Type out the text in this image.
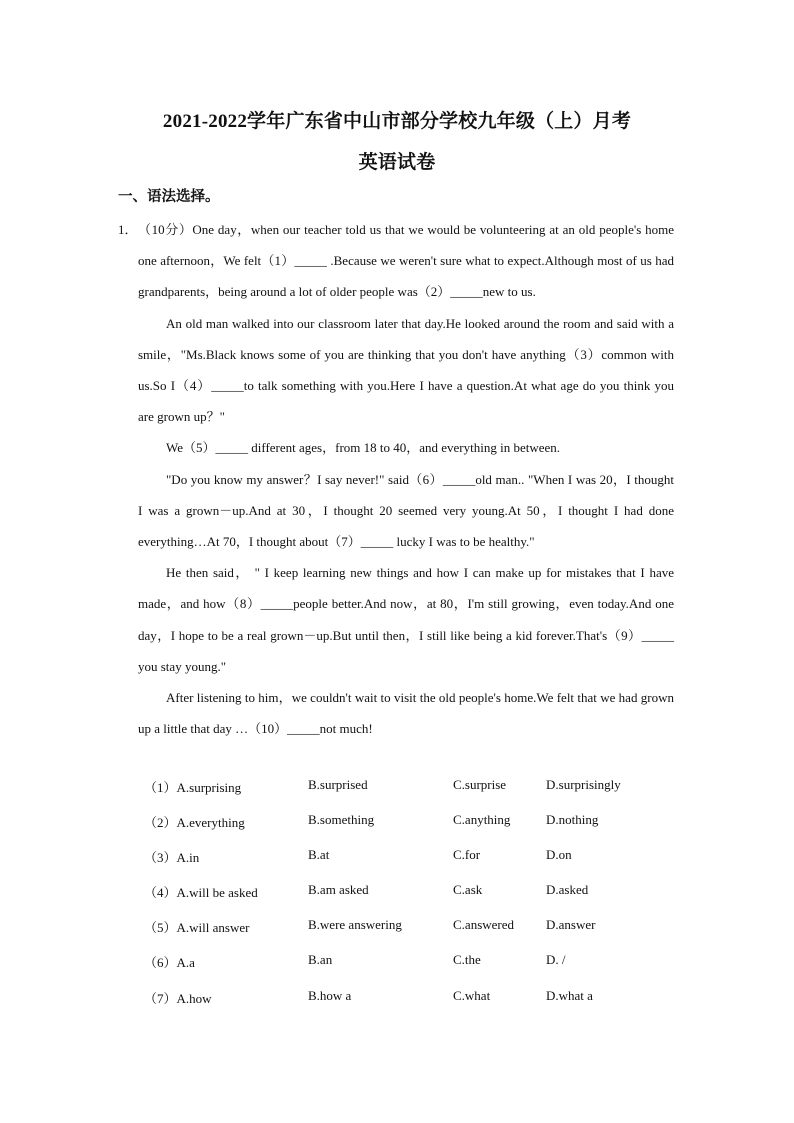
2021-2022学年广东省中山市部分学校九年级（上）月考
英语试卷
一、语法选择。
1． （10分）One day，when our teacher told us that we would be volunteering at an old people's home one afternoon，We felt（1）_____ .Because we weren't sure what to expect.Although most of us had grandparents，being around a lot of older people was（2）_____new to us.

An old man walked into our classroom later that day.He looked around the room and said with a smile，"Ms.Black knows some of you are thinking that you don't have anything（3）common with us.So I（4）_____to talk something with you.Here I have a question.At what age do you think you are grown up？"

We（5）_____ different ages，from 18 to 40，and everything in between.

"Do you know my answer？I say never!" said（6）_____old man.. "When I was 20，I thought I was a grown－up.And at 30，I thought 20 seemed very young.At 50，I thought I had done everything…At 70，I thought about（7）_____ lucky I was to be healthy."

He then said， " I keep learning new things and how I can make up for mistakes that I have made，and how（8）_____people better.And now，at 80，I'm still growing，even today.And one day，I hope to be a real grown－up.But until then，I still like being a kid forever.That's（9）_____ you stay young."

After listening to him，we couldn't wait to visit the old people's home.We felt that we had grown up a little that day …（10）_____not much!

（1）A.surprising	B.surprised	C.surprise	D.surprisingly
（2）A.everything	B.something	C.anything	D.nothing
（3）A.in	B.at	C.for	D.on
（4）A.will be asked	B.am asked	C.ask	D.asked
（5）A.will answer	B.were answering	C.answered D.answer
（6）A.a	B.an	C.the	D. /
（7）A.how	B.how a	C.what	D.what a
